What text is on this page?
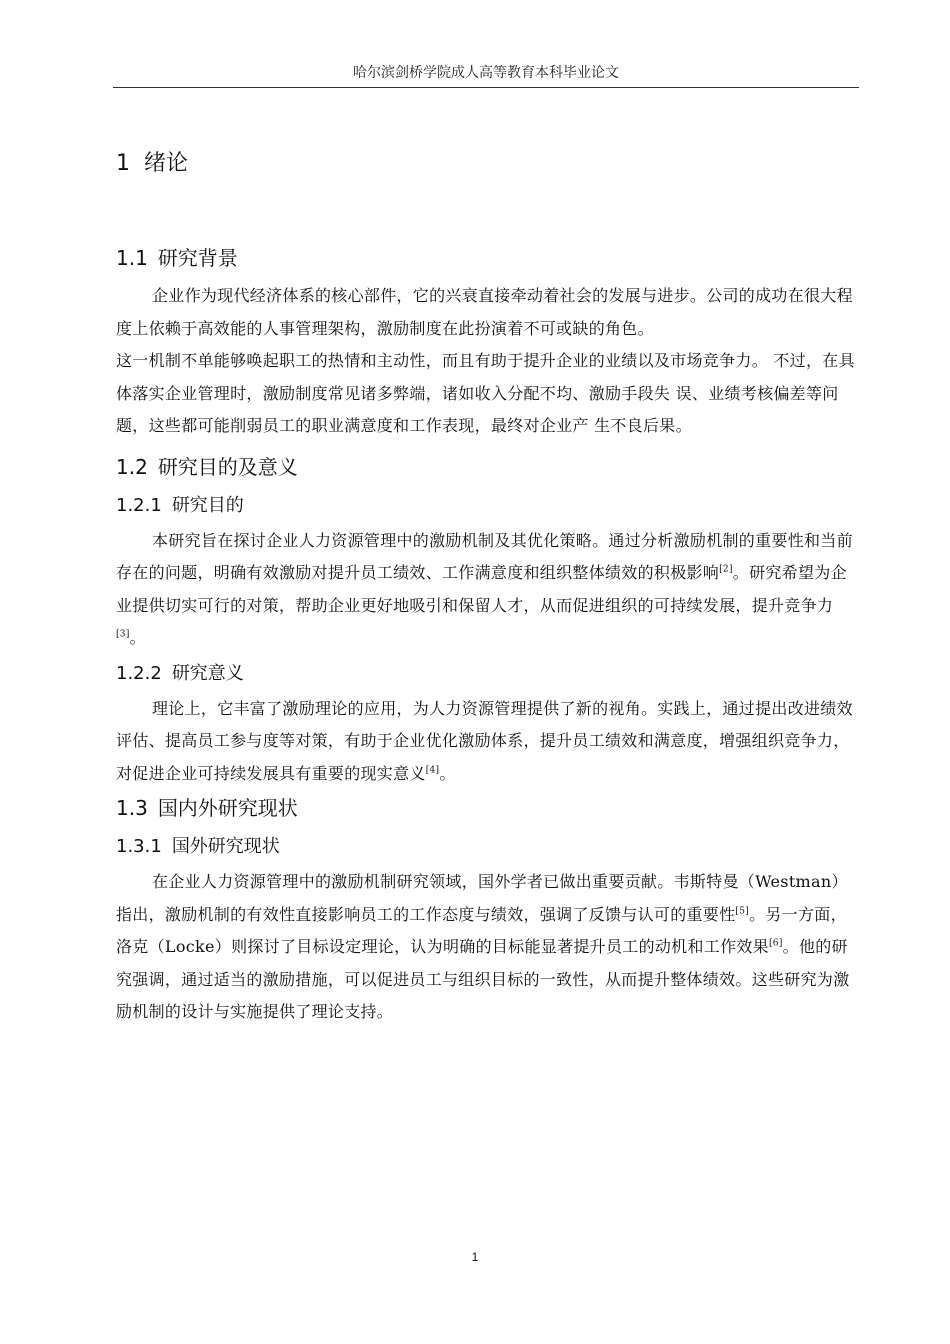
哈尔滨剑桥学院成人高等教育本科毕业论文
1 绪论
1.1 研究背景

企业作为现代经济体系的核心部件，它的兴衰直接牵动着社会的发展与进步。公司的成功在很大程度上依赖于高效能的人事管理架构，激励制度在此扮演着不可或缺的角色。

这一机制不单能够唤起职工的热情和主动性，而且有助于提升企业的业绩以及市场竞争力。 不过，在具体落实企业管理时，激励制度常见诸多弊端，诸如收入分配不均、激励手段失 误、业绩考核偏差等问题，这些都可能削弱员工的职业满意度和工作表现，最终对企业产 生不良后果。

1.2 研究目的及意义
1.2.1 研究目的

本研究旨在探讨企业人力资源管理中的激励机制及其优化策略。通过分析激励机制的重要性和当前存在的问题，明确有效激励对提升员工绩效、工作满意度和组织整体绩效的积极影响[2]。研究希望为企业提供切实可行的对策，帮助企业更好地吸引和保留人才，从而促进组织的可持续发展，提升竞争力[3]。

1.2.2 研究意义

理论上，它丰富了激励理论的应用，为人力资源管理提供了新的视角。实践上，通过提出改进绩效评估、提高员工参与度等对策，有助于企业优化激励体系，提升员工绩效和满意度，增强组织竞争力，对促进企业可持续发展具有重要的现实意义[4]。

1.3 国内外研究现状
1.3.1 国外研究现状

在企业人力资源管理中的激励机制研究领域，国外学者已做出重要贡献。韦斯特曼（Westman）指出，激励机制的有效性直接影响员工的工作态度与绩效，强调了反馈与认可的重要性[5]。另一方面，洛克（Locke）则探讨了目标设定理论，认为明确的目标能显著提升员工的动机和工作效果[6]。他的研究强调，通过适当的激励措施，可以促进员工与组织目标的一致性，从而提升整体绩效。这些研究为激励机制的设计与实施提供了理论支持。

1
